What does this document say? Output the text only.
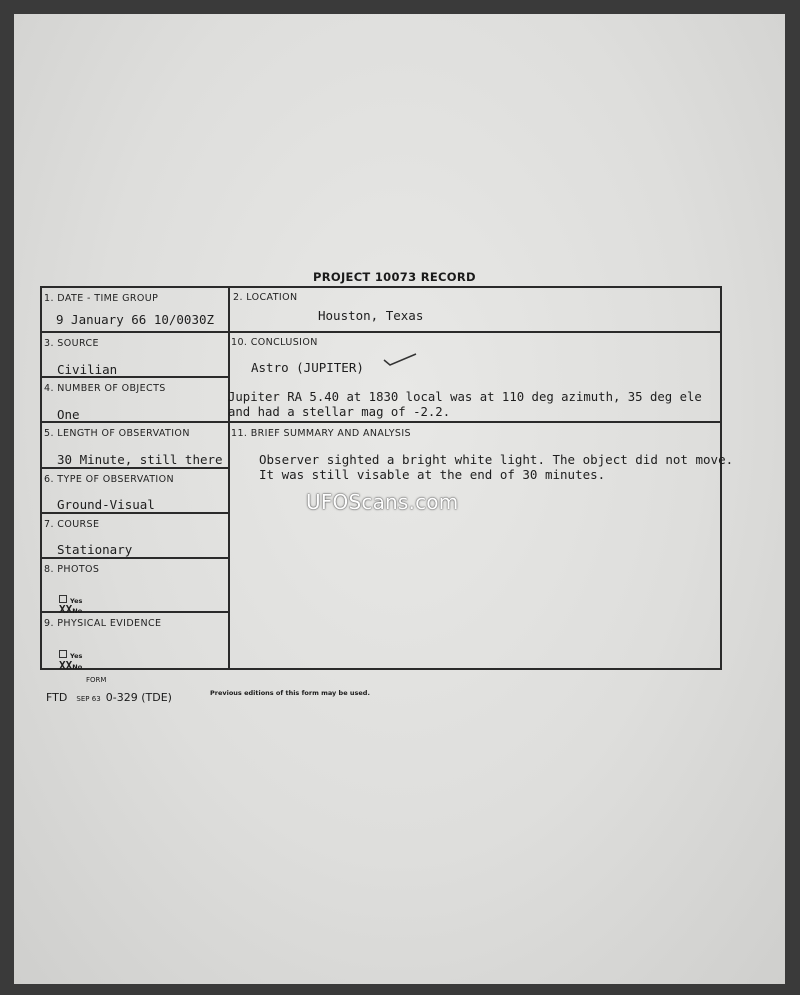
PROJECT 10073 RECORD
1. DATE - TIME GROUP
9 January 66 10/0030Z
2. LOCATION
Houston, Texas
3. SOURCE
Civilian
10. CONCLUSION
Astro (JUPITER)
Jupiter RA 5.40 at 1830 local was at 110 deg azimuth, 35 deg ele
and had a stellar mag of -2.2.
4. NUMBER OF OBJECTS
One
5. LENGTH OF OBSERVATION
30 Minute, still there
11. BRIEF SUMMARY AND ANALYSIS
Observer sighted a bright white light. The object did not move.
It was still visable at the end of 30 minutes.
6. TYPE OF OBSERVATION
Ground-Visual
7. COURSE
Stationary
8. PHOTOS
Yes
XXNo
9. PHYSICAL EVIDENCE
Yes
XXNo
FORM
FTD SEP 63 0-329 (TDE)	Previous editions of this form may be used.
UFOScans.com
